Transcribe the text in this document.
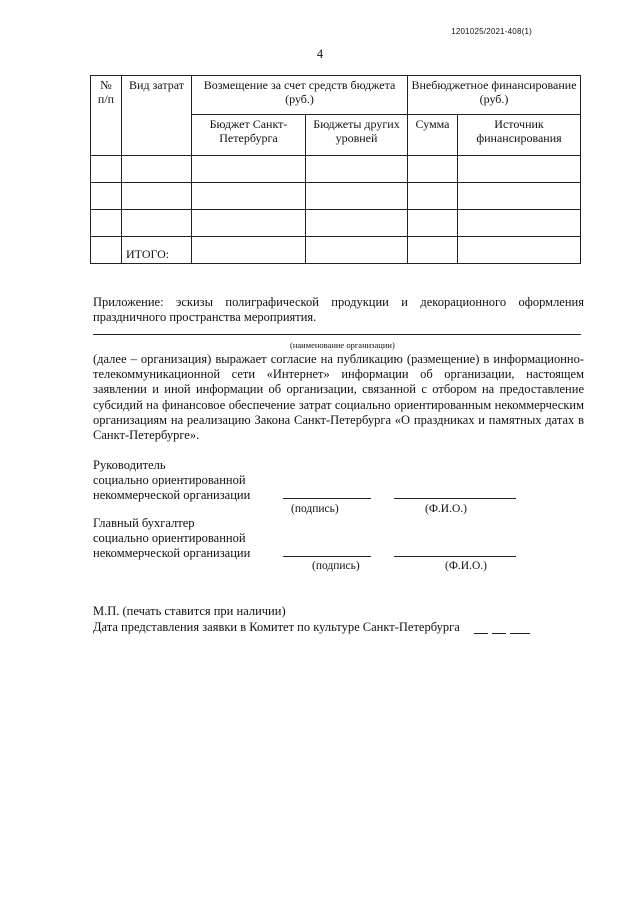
1201025/2021-408(1)
4
№ п/п	Вид затрат	Возмещение за счет средств бюджета (руб.)		Внебюджетное финансирование (руб.)	
		Бюджет Санкт-Петербурга	Бюджеты других уровней	Сумма	Источник финансирования

	ИТОГО:				
Приложение: эскизы полиграфической продукции и декорационного оформления праздничного пространства мероприятия.
(наименование организации)
(далее – организация) выражает согласие на публикацию (размещение) в информационно-телекоммуникационной сети «Интернет» информации об организации, настоящем заявлении и иной информации об организации, связанной с отбором на предоставление субсидий на финансовое обеспечение затрат социально ориентированным некоммерческим организациям на реализацию Закона Санкт-Петербурга «О праздниках и памятных датах в Санкт-Петербурге».
Руководитель
социально ориентированной
некоммерческой организации
(подпись)	(Ф.И.О.)
Главный бухгалтер
социально ориентированной
некоммерческой организации
(подпись)	(Ф.И.О.)
М.П. (печать ставится при наличии)
Дата представления заявки в Комитет по культуре Санкт-Петербурга
